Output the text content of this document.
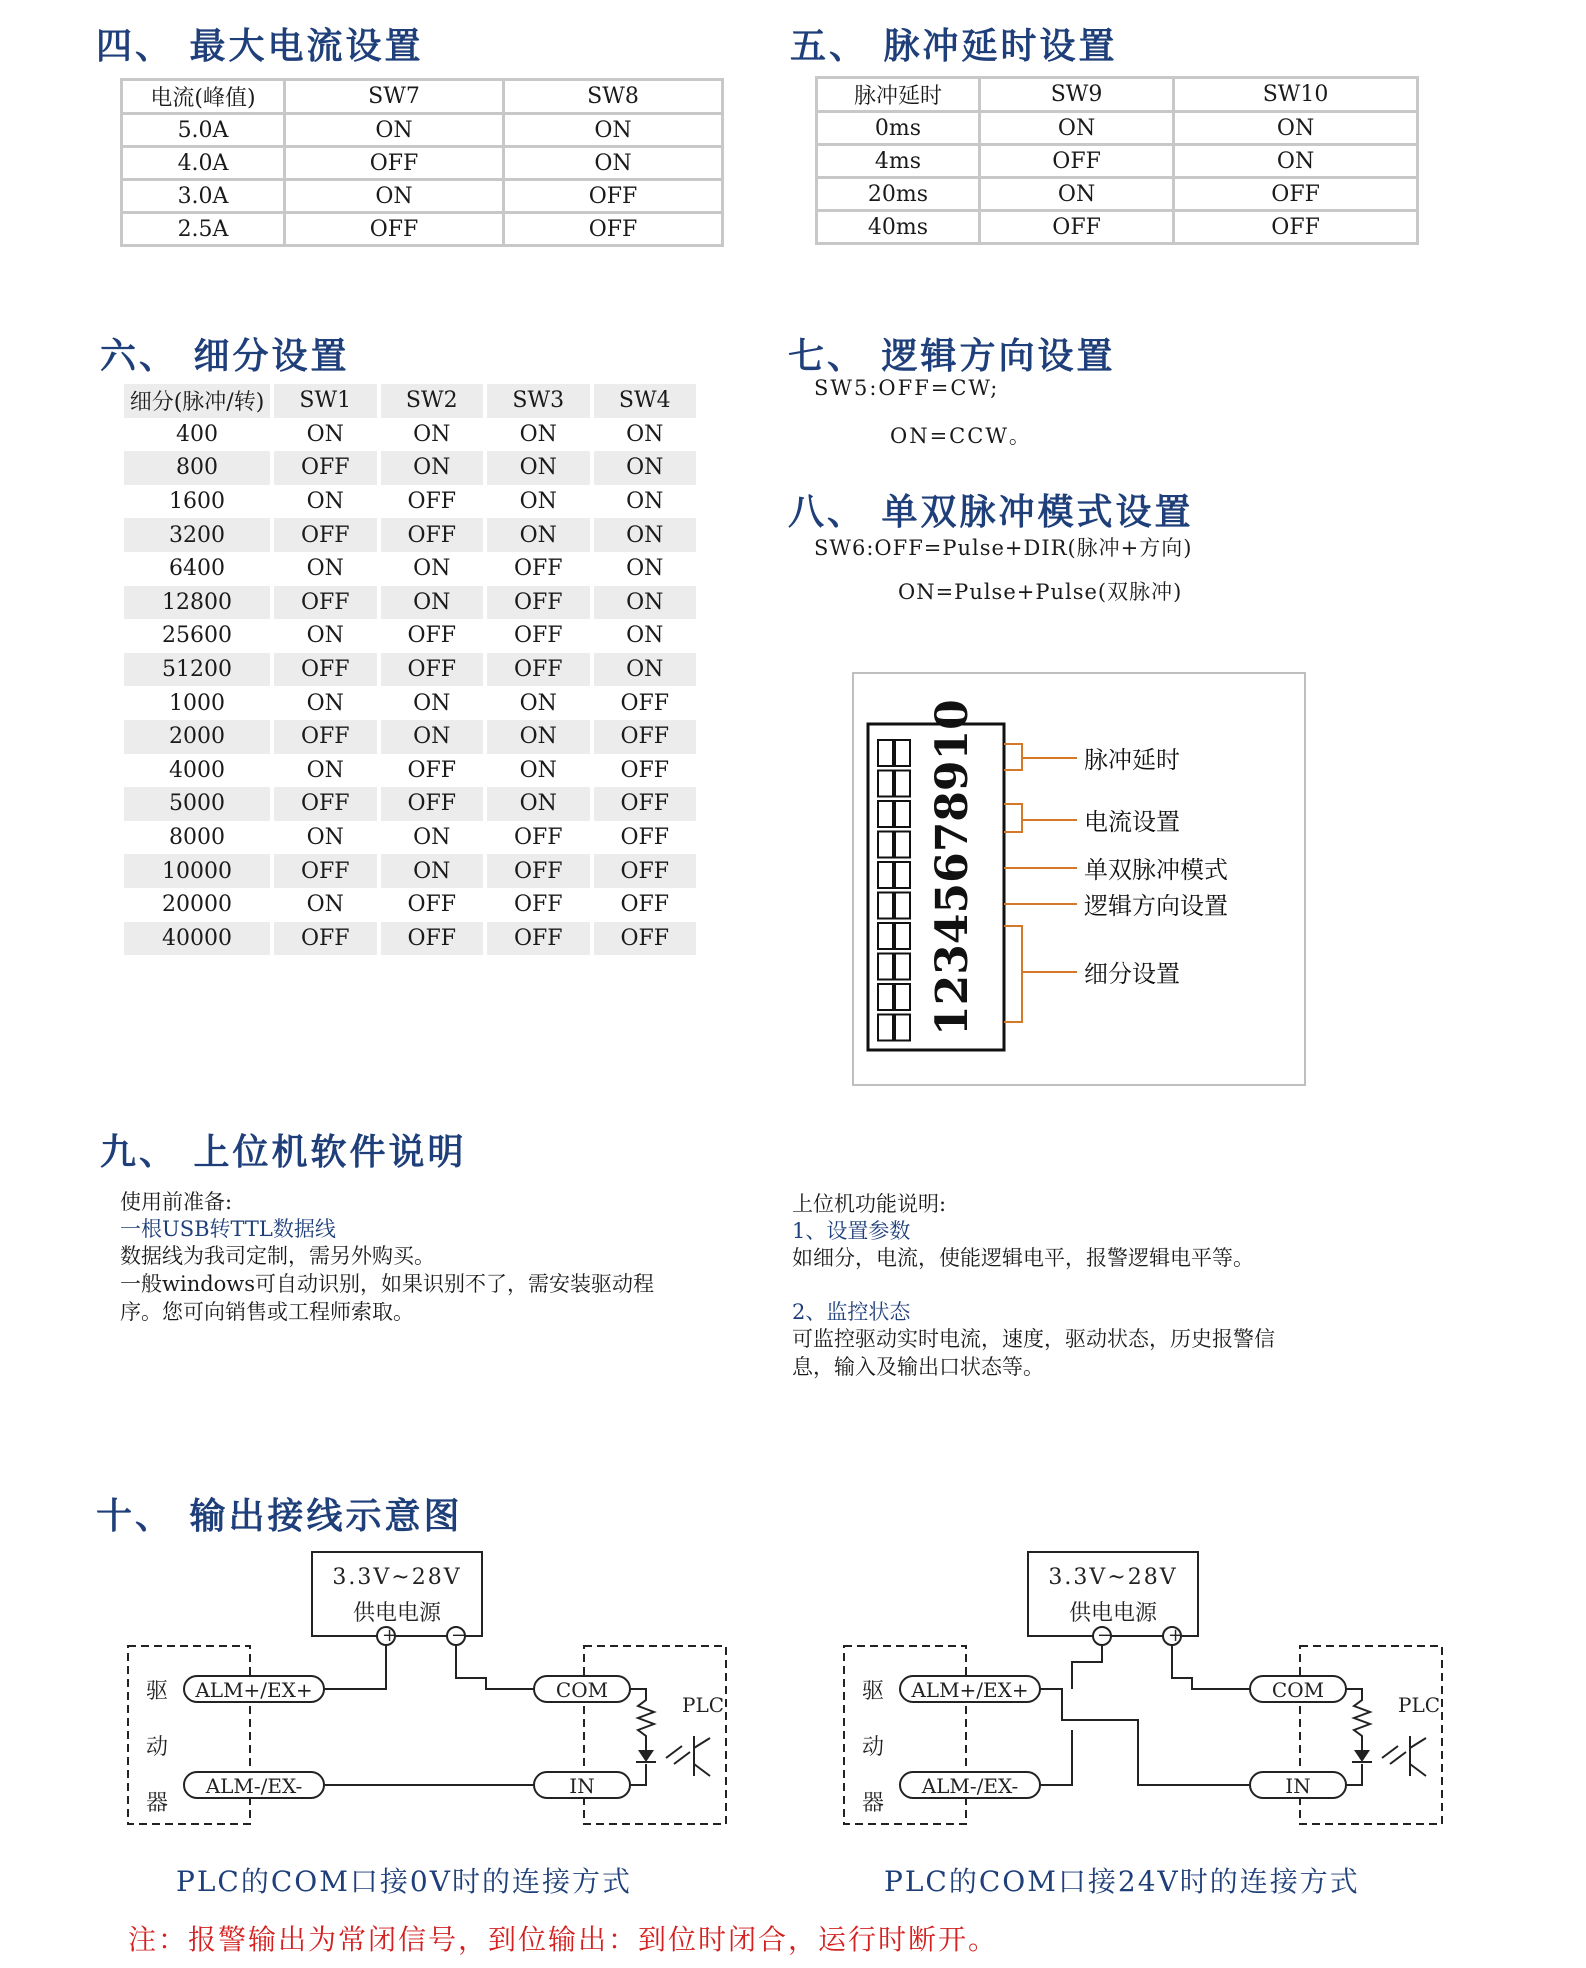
四、 最大电流设置
电流(峰值)	SW7	SW8
5.0A	ON	ON
4.0A	OFF	ON
3.0A	ON	OFF
2.5A	OFF	OFF
五、 脉冲延时设置
脉冲延时	SW9	SW10
0ms	ON	ON
4ms	OFF	ON
20ms	ON	OFF
40ms	OFF	OFF
六、 细分设置
细分(脉冲/转)	SW1	SW2	SW3	SW4
400	ON	ON	ON	ON
800	OFF	ON	ON	ON
1600	ON	OFF	ON	ON
3200	OFF	OFF	ON	ON
6400	ON	ON	OFF	ON
12800	OFF	ON	OFF	ON
25600	ON	OFF	OFF	ON
51200	OFF	OFF	OFF	ON
1000	ON	ON	ON	OFF
2000	OFF	ON	ON	OFF
4000	ON	OFF	ON	OFF
5000	OFF	OFF	ON	OFF
8000	ON	ON	OFF	OFF
10000	OFF	ON	OFF	OFF
20000	ON	OFF	OFF	OFF
40000	OFF	OFF	OFF	OFF
七、 逻辑方向设置
SW5:OFF=CW;
ON=CCW。
八、 单双脉冲模式设置
SW6:OFF=Pulse+DIR(脉冲+方向)
ON=Pulse+Pulse(双脉冲)
12345678910	脉冲延时
电流设置
单双脉冲模式
逻辑方向设置
细分设置
九、 上位机软件说明
使用前准备:
一根USB转TTL数据线
数据线为我司定制，需另外购买。
一般windows可自动识别，如果识别不了，需安装驱动程
序。您可向销售或工程师索取。
上位机功能说明:
1、设置参数
如细分，电流，使能逻辑电平，报警逻辑电平等。
2、监控状态
可监控驱动实时电流，速度，驱动状态，历史报警信
息，输入及输出口状态等。
十、 输出接线示意图
+	−
3.3V~28V
供电电源
驱
动
器
ALM+/EX+
ALM-/EX-
COM
IN
PLC
−	+
3.3V~28V
供电电源
驱
动
器
ALM+/EX+
ALM-/EX-
COM
IN
PLC
PLC的COM口接0V时的连接方式	PLC的COM口接24V时的连接方式
注：报警输出为常闭信号，到位输出：到位时闭合，运行时断开。
